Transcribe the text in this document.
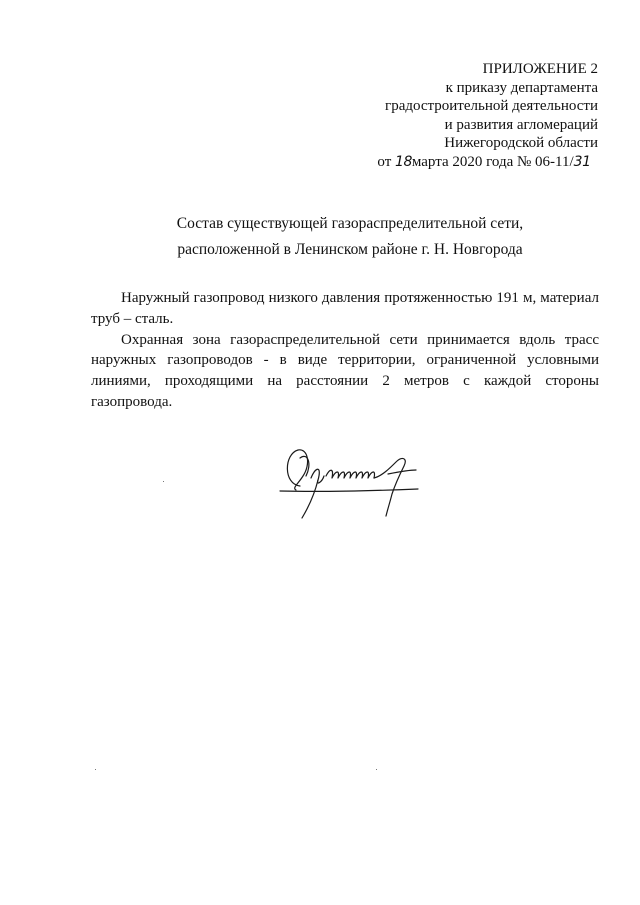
ПРИЛОЖЕНИЕ 2
к приказу департамента
градостроительной деятельности
и развития агломераций
Нижегородской области
от 18марта 2020 года № 06-11/31
Состав существующей газораспределительной сети,
расположенной в Ленинском районе г. Н. Новгорода

Наружный газопровод низкого давления протяженностью 191 м, материал труб – сталь.

Охранная зона газораспределительной сети принимается вдоль трасс наружных газопроводов - в виде территории, ограниченной условными линиями, проходящими на расстоянии 2 метров с каждой стороны газопровода.
